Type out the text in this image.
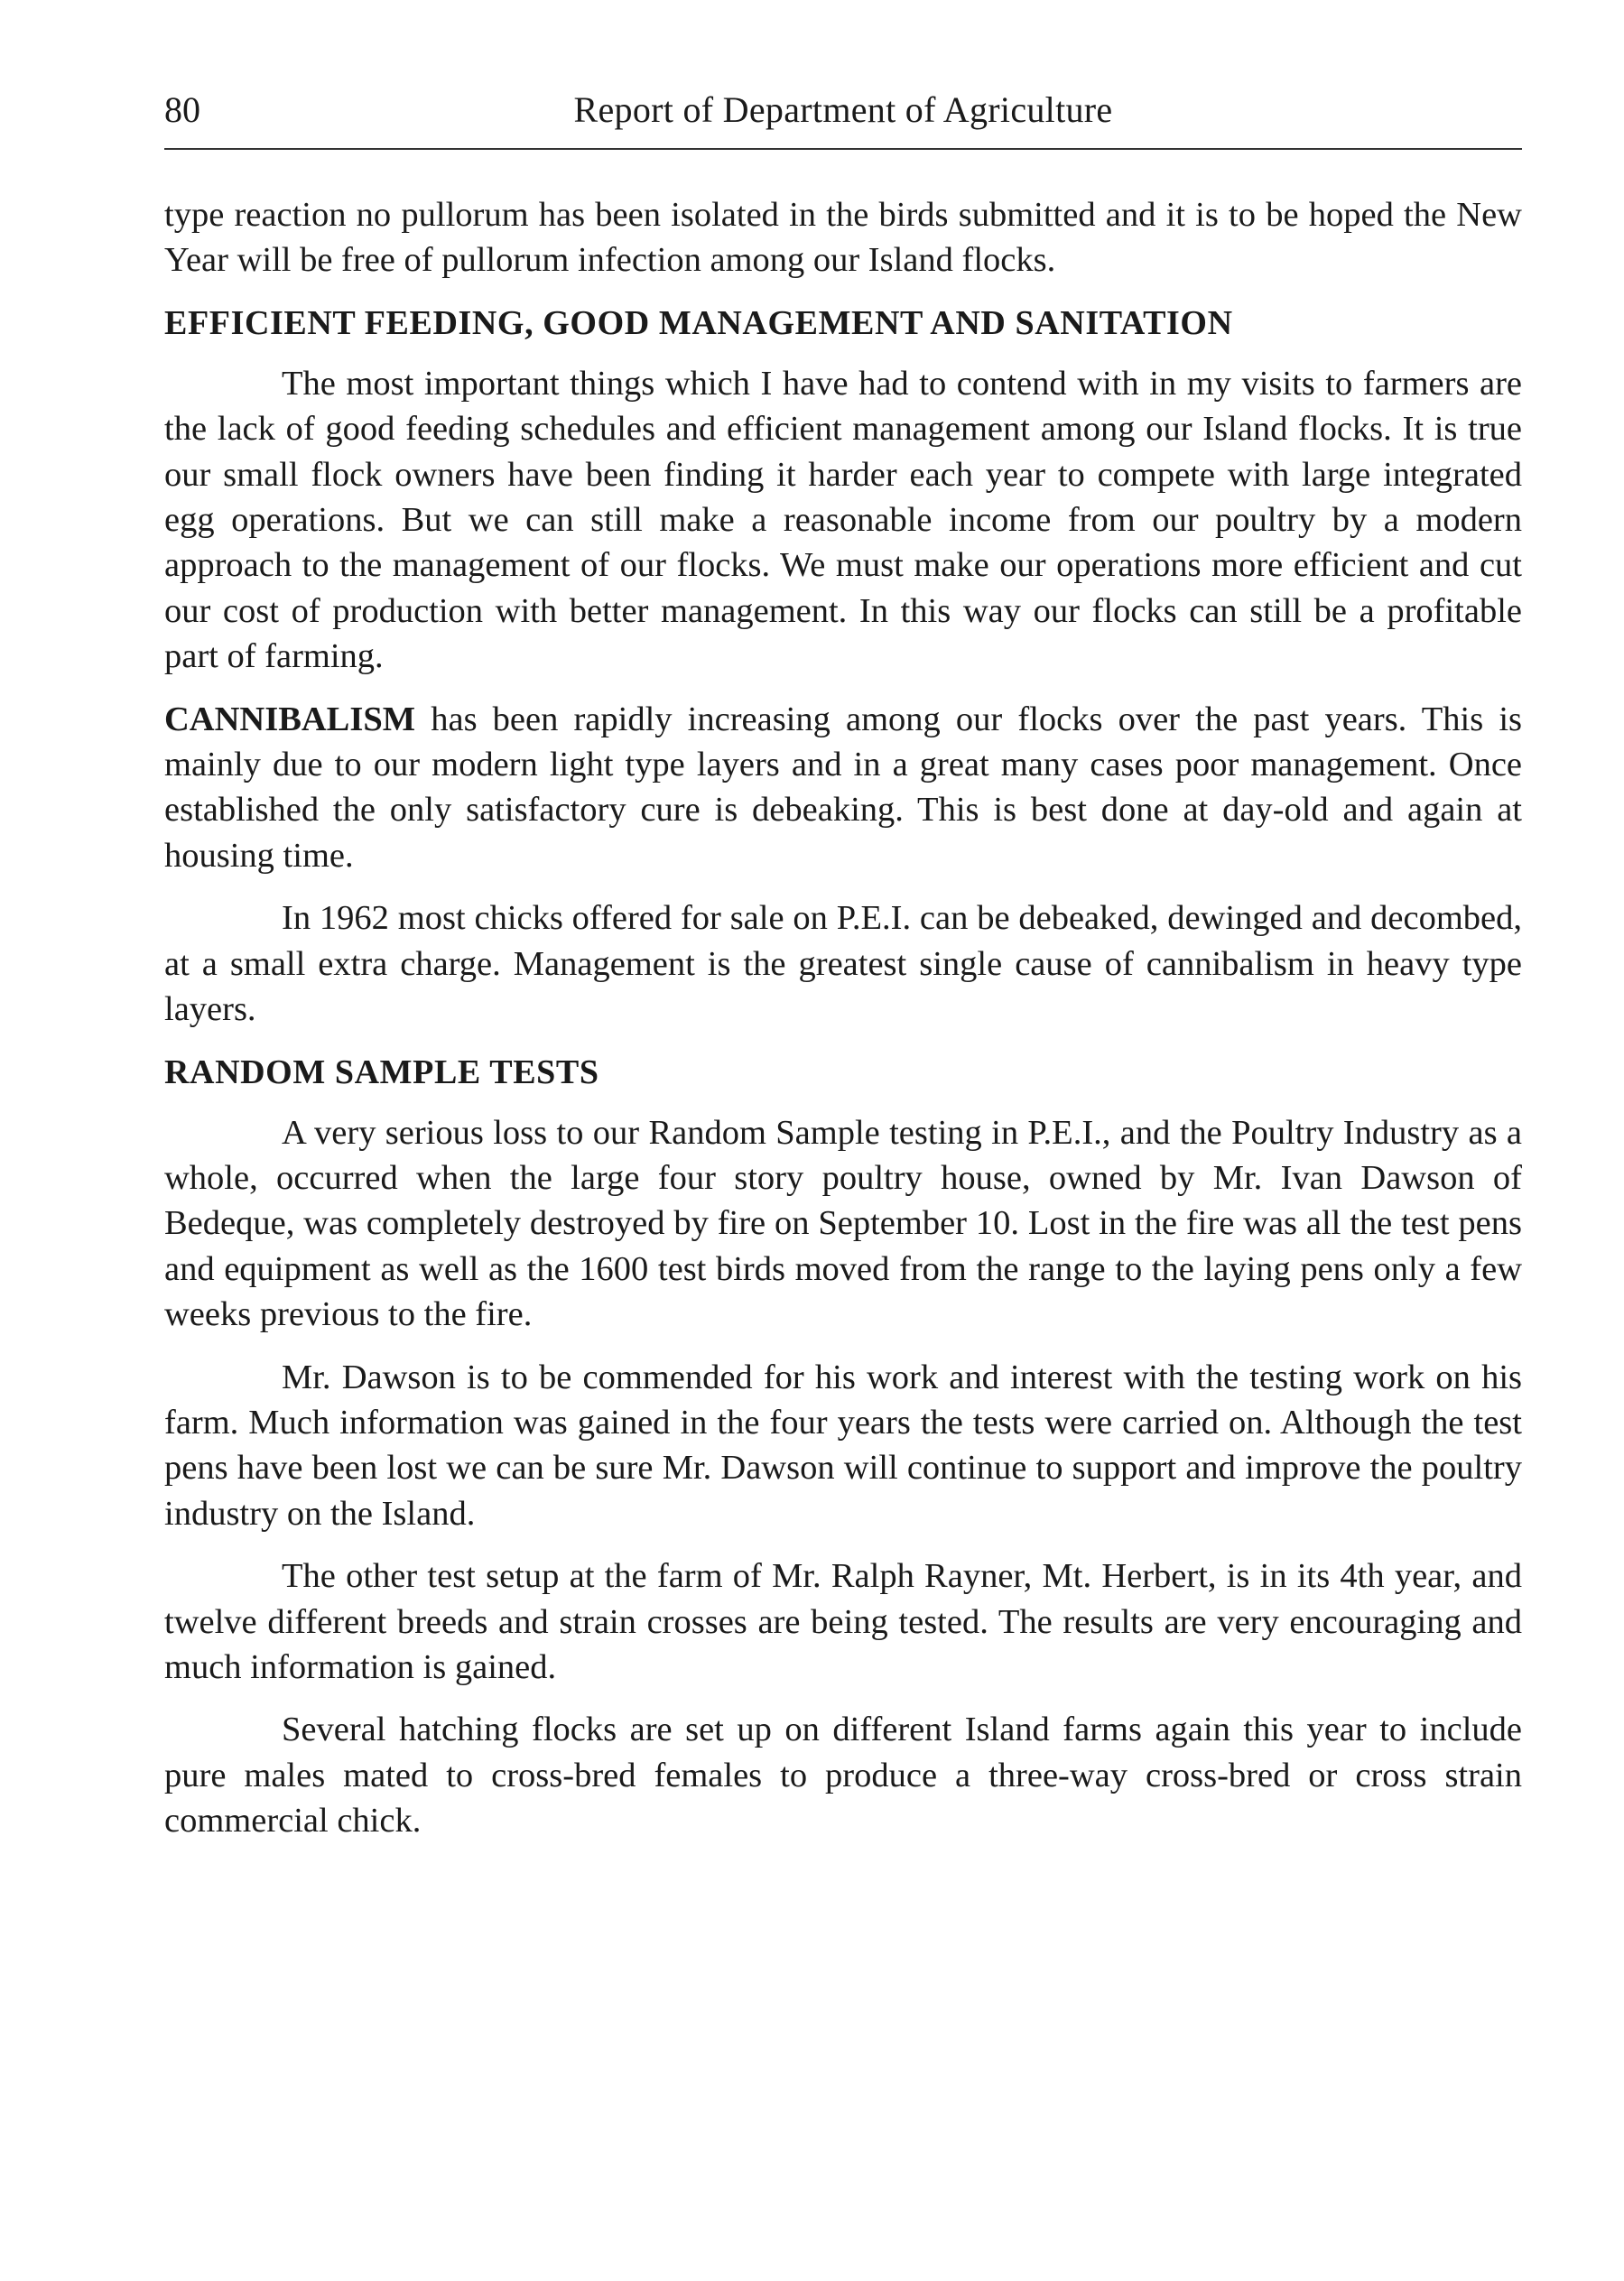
80	Report of Department of Agriculture

type reaction no pullorum has been isolated in the birds submitted and it is to be hoped the New Year will be free of pullorum infection among our Island flocks.

EFFICIENT FEEDING, GOOD MANAGEMENT AND SANITATION

The most important things which I have had to contend with in my visits to farmers are the lack of good feeding schedules and efficient management among our Island flocks. It is true our small flock owners have been finding it harder each year to compete with large integrated egg operations. But we can still make a reasonable income from our poultry by a modern approach to the management of our flocks. We must make our operations more efficient and cut our cost of production with better management. In this way our flocks can still be a profitable part of farming.

CANNIBALISM has been rapidly increasing among our flocks over the past years. This is mainly due to our modern light type layers and in a great many cases poor management. Once established the only satisfactory cure is debeaking. This is best done at day-old and again at housing time.

In 1962 most chicks offered for sale on P.E.I. can be debeaked, dewinged and decombed, at a small extra charge. Management is the greatest single cause of cannibalism in heavy type layers.

RANDOM SAMPLE TESTS

A very serious loss to our Random Sample testing in P.E.I., and the Poultry Industry as a whole, occurred when the large four story poultry house, owned by Mr. Ivan Dawson of Bedeque, was completely destroyed by fire on September 10. Lost in the fire was all the test pens and equipment as well as the 1600 test birds moved from the range to the laying pens only a few weeks previous to the fire.

Mr. Dawson is to be commended for his work and interest with the testing work on his farm. Much information was gained in the four years the tests were carried on. Although the test pens have been lost we can be sure Mr. Dawson will continue to support and improve the poultry industry on the Island.

The other test setup at the farm of Mr. Ralph Rayner, Mt. Herbert, is in its 4th year, and twelve different breeds and strain crosses are being tested. The results are very encouraging and much information is gained.

Several hatching flocks are set up on different Island farms again this year to include pure males mated to cross-bred females to produce a three-way cross-bred or cross strain commercial chick.
